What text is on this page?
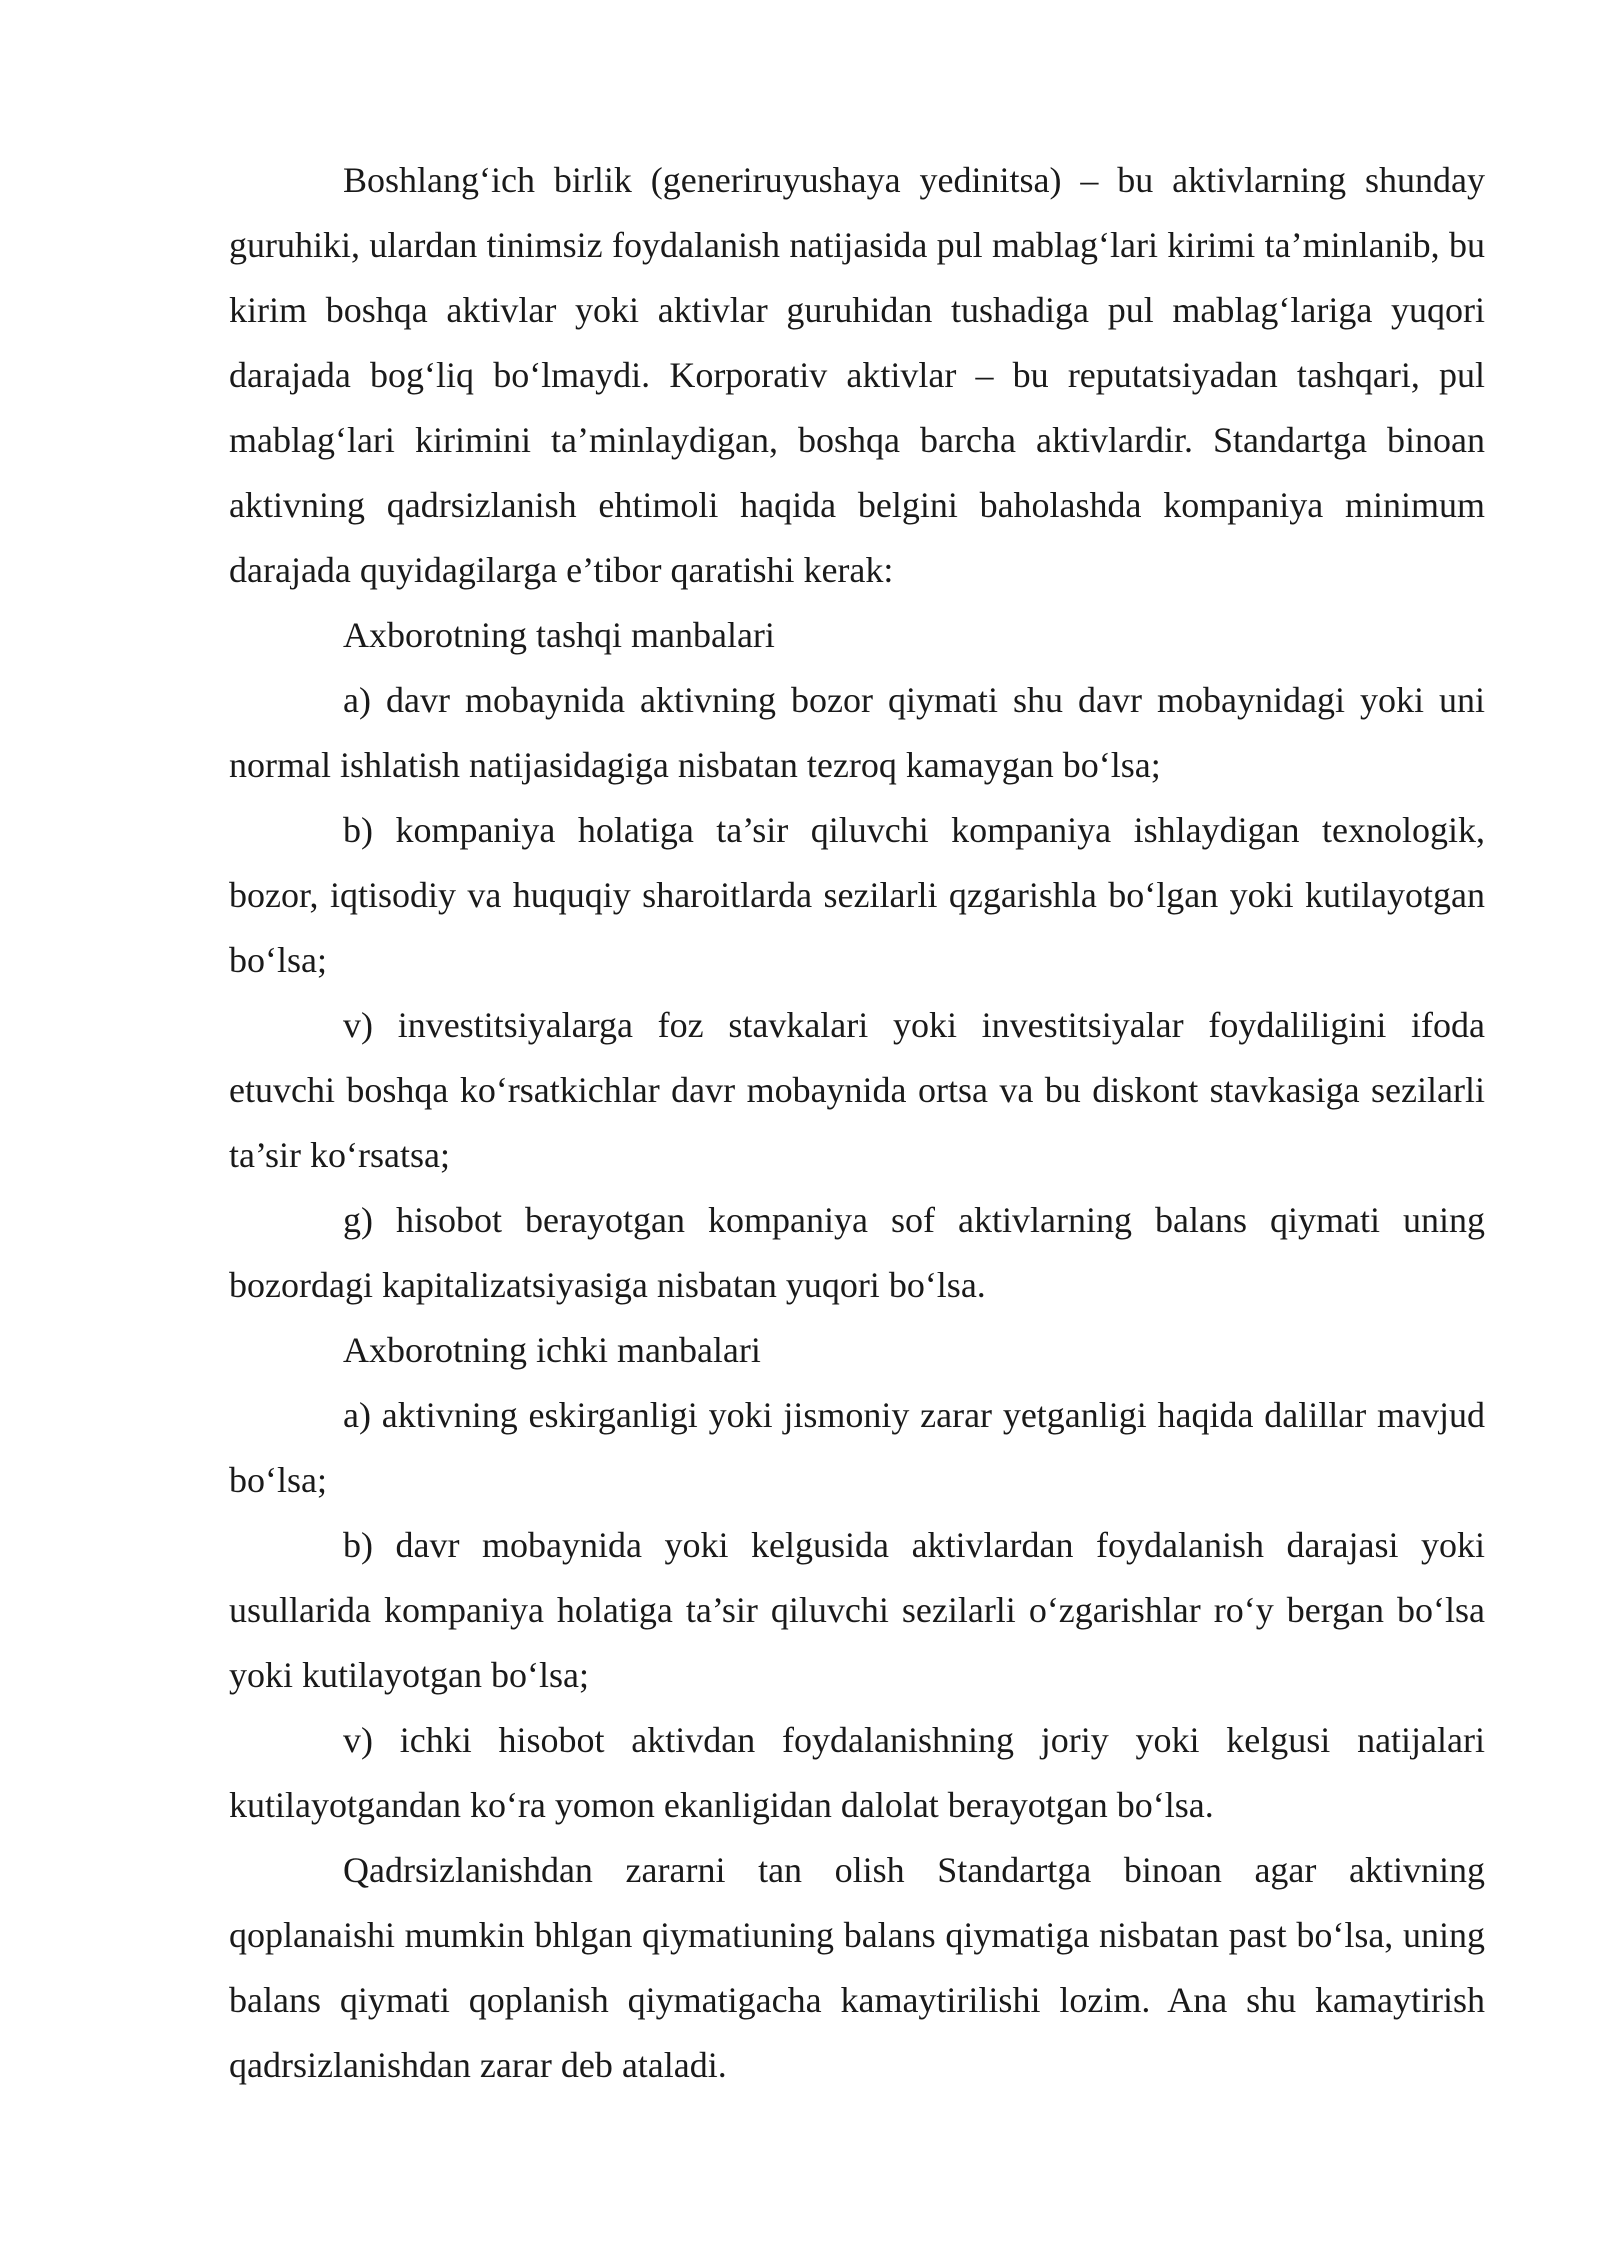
Boshlang‘ich birlik (generiruyushaya yedinitsa) – bu aktivlarning shunday guruhiki, ulardan tinimsiz foydalanish natijasida pul mablag‘lari kirimi ta’minlanib, bu kirim boshqa aktivlar yoki aktivlar guruhidan tushadiga pul mablag‘lariga yuqori darajada bog‘liq bo‘lmaydi. Korporativ aktivlar – bu reputatsiyadan tashqari, pul mablag‘lari kirimini ta’minlaydigan, boshqa barcha aktivlardir. Standartga binoan aktivning qadrsizlanish ehtimoli haqida belgini baholashda kompaniya minimum darajada quyidagilarga e’tibor qaratishi kerak:

Axborotning tashqi manbalari

a) davr mobaynida aktivning bozor qiymati shu davr mobaynidagi yoki uni normal ishlatish natijasidagiga nisbatan tezroq kamaygan bo‘lsa;

b) kompaniya holatiga ta’sir qiluvchi kompaniya ishlaydigan texnologik, bozor, iqtisodiy va huquqiy sharoitlarda sezilarli qzgarishla bo‘lgan yoki kutilayotgan bo‘lsa;

v) investitsiyalarga foz stavkalari yoki investitsiyalar foydaliligini ifoda etuvchi boshqa ko‘rsatkichlar davr mobaynida ortsa va bu diskont stavkasiga sezilarli ta’sir ko‘rsatsa;

g) hisobot berayotgan kompaniya sof aktivlarning balans qiymati uning bozordagi kapitalizatsiyasiga nisbatan yuqori bo‘lsa.

Axborotning ichki manbalari

a) aktivning eskirganligi yoki jismoniy zarar yetganligi haqida dalillar mavjud bo‘lsa;

b) davr mobaynida yoki kelgusida aktivlardan foydalanish darajasi yoki usullarida kompaniya holatiga ta’sir qiluvchi sezilarli o‘zgarishlar ro‘y bergan bo‘lsa yoki kutilayotgan bo‘lsa;

v) ichki hisobot aktivdan foydalanishning joriy yoki kelgusi natijalari kutilayotgandan ko‘ra yomon ekanligidan dalolat berayotgan bo‘lsa.

Qadrsizlanishdan zararni tan olish Standartga binoan agar aktivning qoplanaishi mumkin bhlgan qiymatiuning balans qiymatiga nisbatan past bo‘lsa, uning balans qiymati qoplanish qiymatigacha kamaytirilishi lozim. Ana shu kamaytirish qadrsizlanishdan zarar deb ataladi.
